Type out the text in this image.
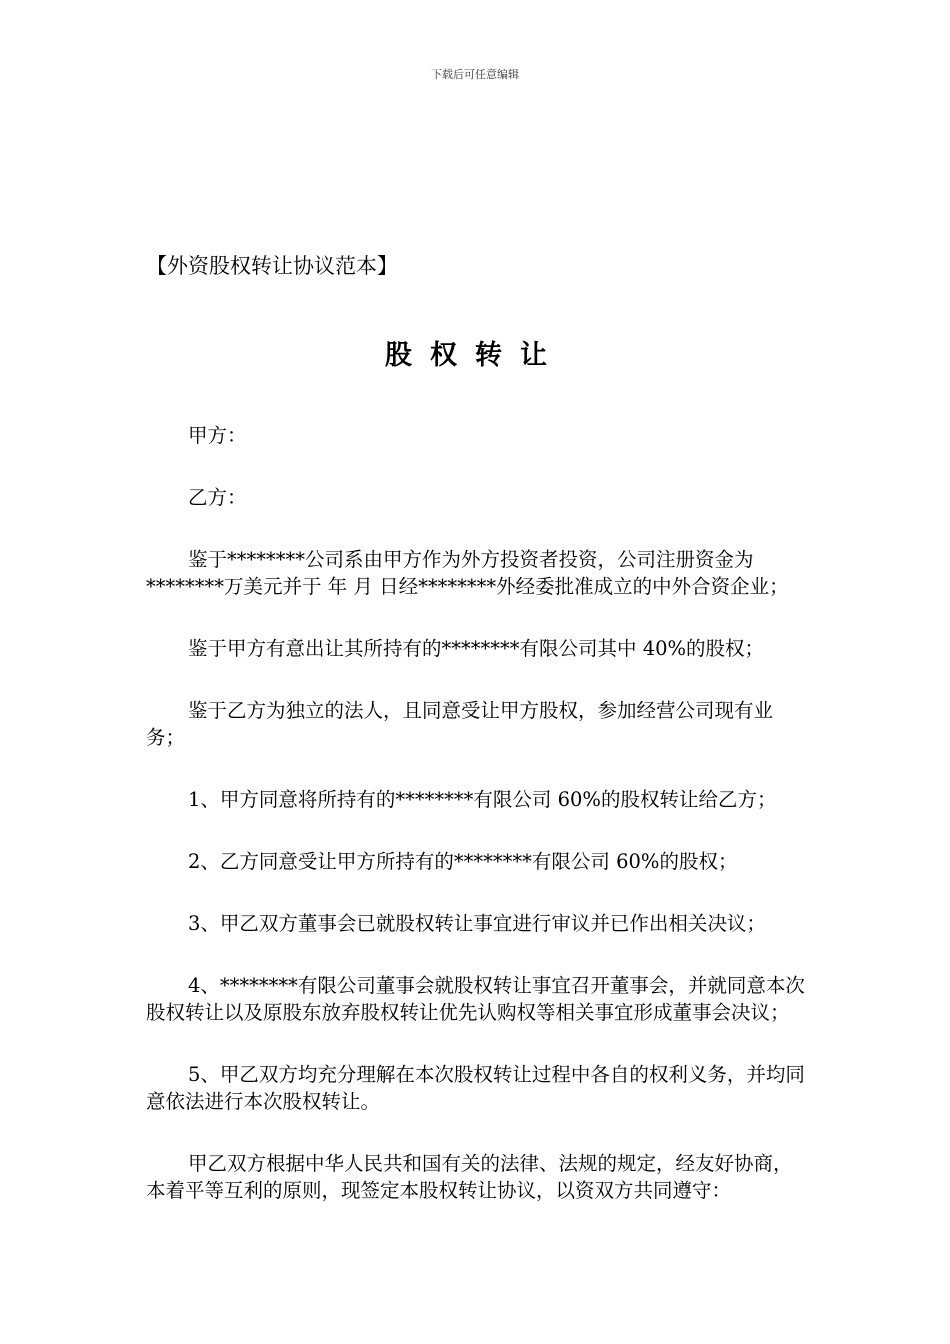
下载后可任意编辑
【外资股权转让协议范本】
股权转让

甲方：

乙方：

鉴于********公司系由甲方作为外方投资者投资，公司注册资金为********万美元并于 年 月 日经********外经委批准成立的中外合资企业；

鉴于甲方有意出让其所持有的********有限公司其中 40%的股权；

鉴于乙方为独立的法人，且同意受让甲方股权，参加经营公司现有业务；

1、甲方同意将所持有的********有限公司 60%的股权转让给乙方；

2、乙方同意受让甲方所持有的********有限公司 60%的股权；

3、甲乙双方董事会已就股权转让事宜进行审议并已作出相关决议；

4、********有限公司董事会就股权转让事宜召开董事会，并就同意本次股权转让以及原股东放弃股权转让优先认购权等相关事宜形成董事会决议；

5、甲乙双方均充分理解在本次股权转让过程中各自的权利义务，并均同意依法进行本次股权转让。

甲乙双方根据中华人民共和国有关的法律、法规的规定，经友好协商，本着平等互利的原则，现签定本股权转让协议，以资双方共同遵守：
